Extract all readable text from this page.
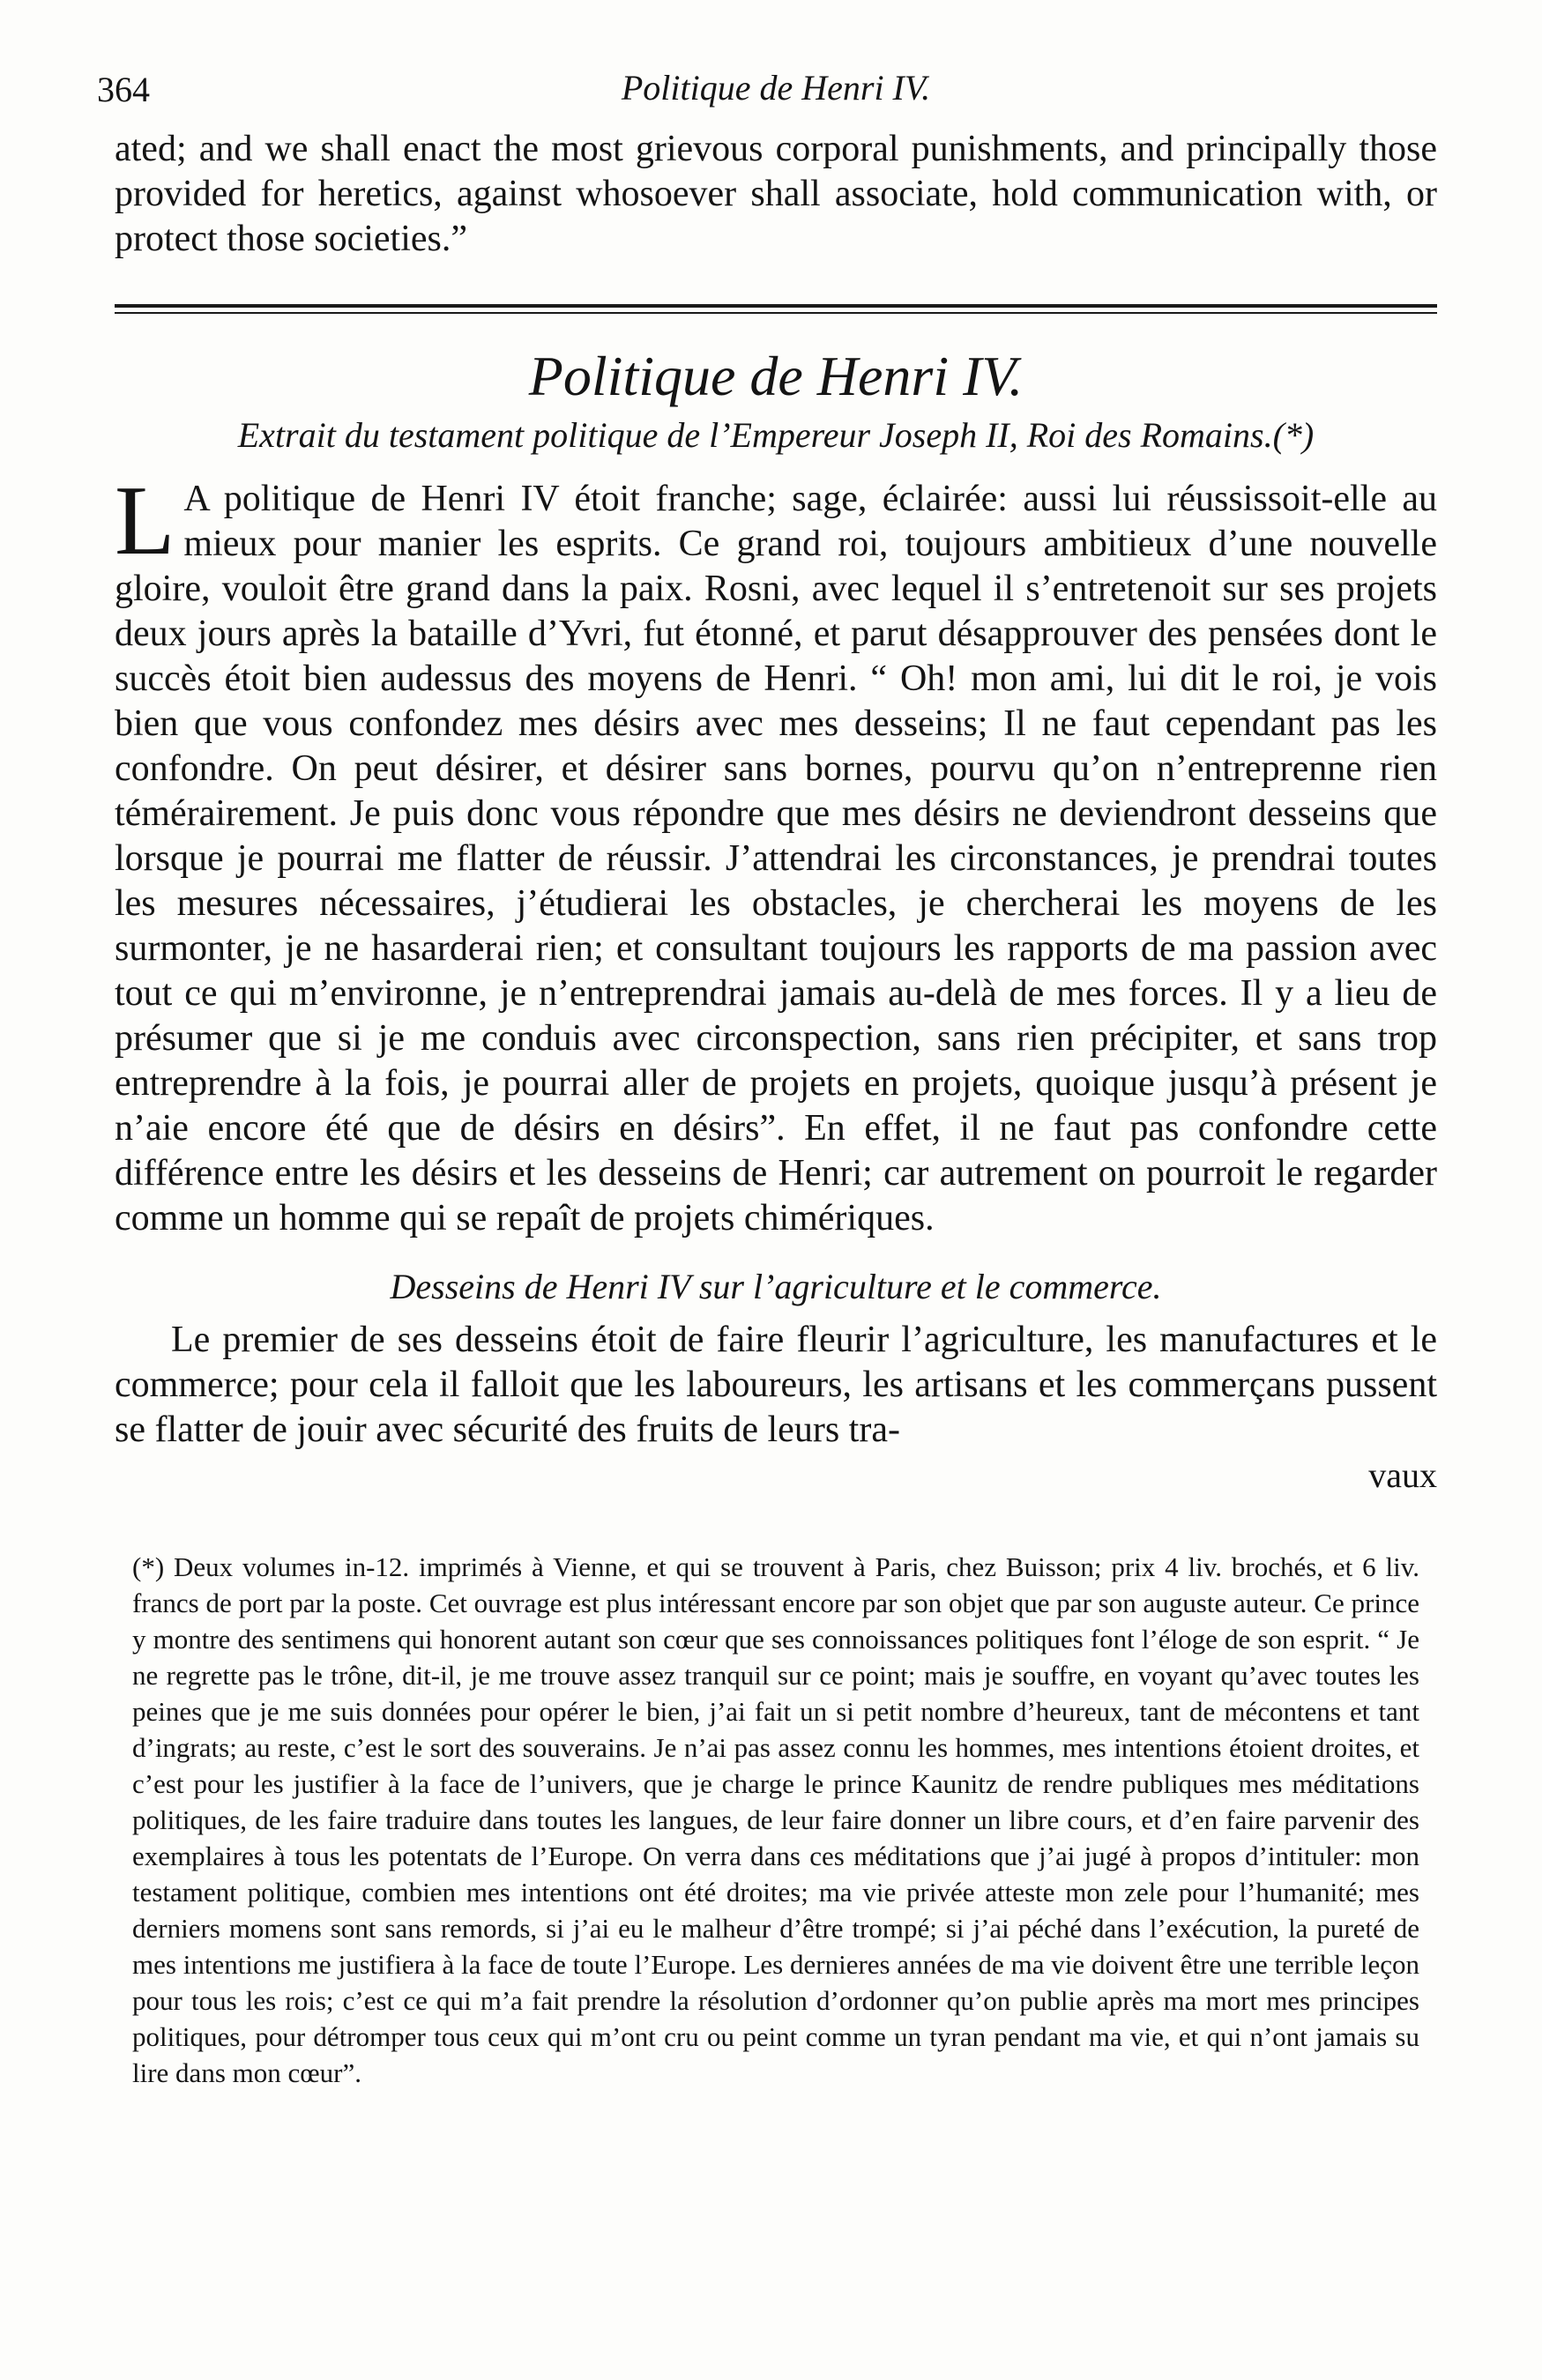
364	Politique de Henri IV.

ated; and we shall enact the most grievous corporal punishments, and principally those provided for heretics, against whosoever shall associate, hold communication with, or protect those societies.”

Politique de Henri IV.
Extrait du testament politique de l’Empereur Joseph II, Roi des Romains.(*)

L A politique de Henri IV étoit franche; sage, éclairée: aussi lui réussissoit-elle au mieux pour manier les esprits. Ce grand roi, toujours ambitieux d’une nouvelle gloire, vouloit être grand dans la paix. Rosni, avec lequel il s’entretenoit sur ses projets deux jours après la bataille d’Yvri, fut étonné, et parut désapprouver des pensées dont le succès étoit bien audessus des moyens de Henri. “ Oh! mon ami, lui dit le roi, je vois bien que vous confondez mes désirs avec mes desseins; Il ne faut cependant pas les confondre. On peut désirer, et désirer sans bornes, pourvu qu’on n’entreprenne rien témérairement. Je puis donc vous répondre que mes désirs ne deviendront desseins que lorsque je pourrai me flatter de réussir. J’attendrai les circonstances, je prendrai toutes les mesures nécessaires, j’étudierai les obstacles, je chercherai les moyens de les surmonter, je ne hasarderai rien; et consultant toujours les rapports de ma passion avec tout ce qui m’environne, je n’entreprendrai jamais au-delà de mes forces. Il y a lieu de présumer que si je me conduis avec circonspection, sans rien précipiter, et sans trop entreprendre à la fois, je pourrai aller de projets en projets, quoique jusqu’à présent je n’aie encore été que de désirs en désirs”. En effet, il ne faut pas confondre cette différence entre les désirs et les desseins de Henri; car autrement on pourroit le regarder comme un homme qui se repaît de projets chimériques.

Desseins de Henri IV sur l’agriculture et le commerce.

Le premier de ses desseins étoit de faire fleurir l’agriculture, les manufactures et le commerce; pour cela il falloit que les laboureurs, les artisans et les commerçans pussent se flatter de jouir avec sécurité des fruits de leurs tra-

vaux

(*) Deux volumes in-12. imprimés à Vienne, et qui se trouvent à Paris, chez Buisson; prix 4 liv. brochés, et 6 liv. francs de port par la poste. Cet ouvrage est plus intéressant encore par son objet que par son auguste auteur. Ce prince y montre des sentimens qui honorent autant son cœur que ses connoissances politiques font l’éloge de son esprit. “ Je ne regrette pas le trône, dit-il, je me trouve assez tranquil sur ce point; mais je souffre, en voyant qu’avec toutes les peines que je me suis données pour opérer le bien, j’ai fait un si petit nombre d’heureux, tant de mécontens et tant d’ingrats; au reste, c’est le sort des souverains. Je n’ai pas assez connu les hommes, mes intentions étoient droites, et c’est pour les justifier à la face de l’univers, que je charge le prince Kaunitz de rendre publiques mes méditations politiques, de les faire traduire dans toutes les langues, de leur faire donner un libre cours, et d’en faire parvenir des exemplaires à tous les potentats de l’Europe. On verra dans ces méditations que j’ai jugé à propos d’intituler: mon testament politique, combien mes intentions ont été droites; ma vie privée atteste mon zele pour l’humanité; mes derniers momens sont sans remords, si j’ai eu le malheur d’être trompé; si j’ai péché dans l’exécution, la pureté de mes intentions me justifiera à la face de toute l’Europe. Les dernieres années de ma vie doivent être une terrible leçon pour tous les rois; c’est ce qui m’a fait prendre la résolution d’ordonner qu’on publie après ma mort mes principes politiques, pour détromper tous ceux qui m’ont cru ou peint comme un tyran pendant ma vie, et qui n’ont jamais su lire dans mon cœur”.
